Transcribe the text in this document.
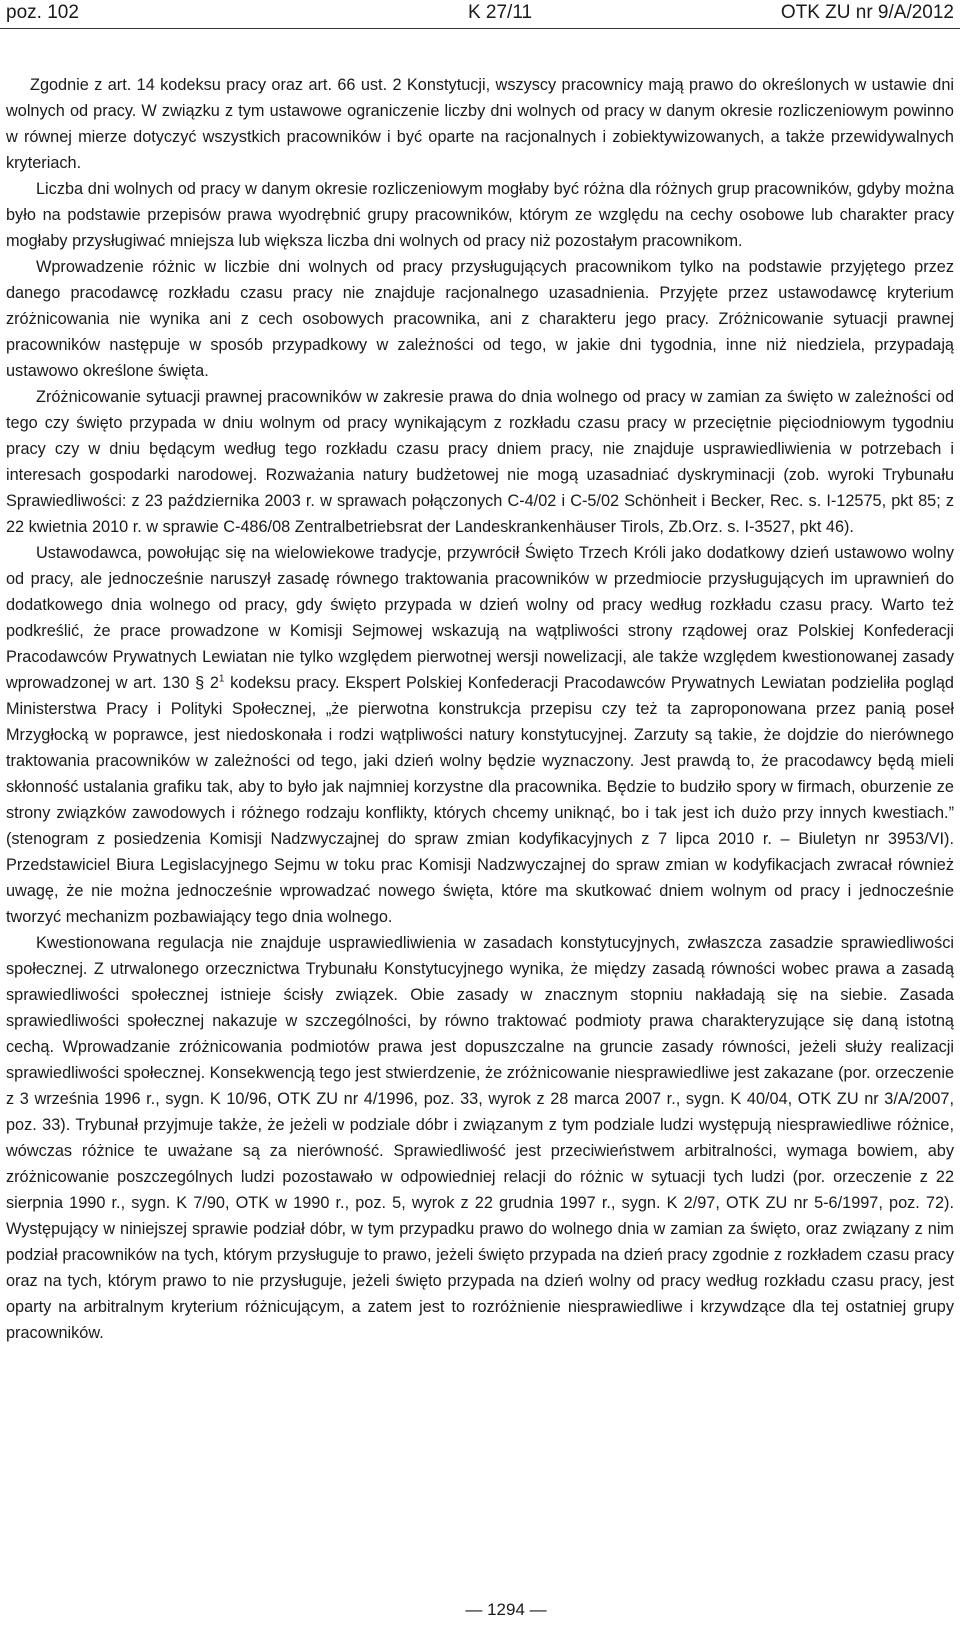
poz. 102	K 27/11	OTK ZU nr 9/A/2012

Zgodnie z art. 14 kodeksu pracy oraz art. 66 ust. 2 Konstytucji, wszyscy pracownicy mają prawo do określonych w ustawie dni wolnych od pracy. W związku z tym ustawowe ograniczenie liczby dni wolnych od pracy w danym okresie rozliczeniowym powinno w równej mierze dotyczyć wszystkich pracowników i być oparte na racjonalnych i zobiektywizowanych, a także przewidywalnych kryteriach.

Liczba dni wolnych od pracy w danym okresie rozliczeniowym mogłaby być różna dla różnych grup pracowników, gdyby można było na podstawie przepisów prawa wyodrębnić grupy pracowników, którym ze względu na cechy osobowe lub charakter pracy mogłaby przysługiwać mniejsza lub większa liczba dni wolnych od pracy niż pozostałym pracownikom.

Wprowadzenie różnic w liczbie dni wolnych od pracy przysługujących pracownikom tylko na podstawie przyjętego przez danego pracodawcę rozkładu czasu pracy nie znajduje racjonalnego uzasadnienia. Przyjęte przez ustawodawcę kryterium zróżnicowania nie wynika ani z cech osobowych pracownika, ani z charakteru jego pracy. Zróżnicowanie sytuacji prawnej pracowników następuje w sposób przypadkowy w zależności od tego, w jakie dni tygodnia, inne niż niedziela, przypadają ustawowo określone święta.

Zróżnicowanie sytuacji prawnej pracowników w zakresie prawa do dnia wolnego od pracy w zamian za święto w zależności od tego czy święto przypada w dniu wolnym od pracy wynikającym z rozkładu czasu pracy w przeciętnie pięciodniowym tygodniu pracy czy w dniu będącym według tego rozkładu czasu pracy dniem pracy, nie znajduje usprawiedliwienia w potrzebach i interesach gospodarki narodowej. Rozważania natury budżetowej nie mogą uzasadniać dyskryminacji (zob. wyroki Trybunału Sprawiedliwości: z 23 października 2003 r. w sprawach połączonych C-4/02 i C-5/02 Schönheit i Becker, Rec. s. I-12575, pkt 85; z 22 kwietnia 2010 r. w sprawie C-486/08 Zentralbetriebsrat der Landeskrankenhäuser Tirols, Zb.Orz. s. I-3527, pkt 46).

Ustawodawca, powołując się na wielowiekowe tradycje, przywrócił Święto Trzech Króli jako dodatkowy dzień ustawowo wolny od pracy, ale jednocześnie naruszył zasadę równego traktowania pracowników w przedmiocie przysługujących im uprawnień do dodatkowego dnia wolnego od pracy, gdy święto przypada w dzień wolny od pracy według rozkładu czasu pracy. Warto też podkreślić, że prace prowadzone w Komisji Sejmowej wskazują na wątpliwości strony rządowej oraz Polskiej Konfederacji Pracodawców Prywatnych Lewiatan nie tylko względem pierwotnej wersji nowelizacji, ale także względem kwestionowanej zasady wprowadzonej w art. 130 § $2^1$ kodeksu pracy. Ekspert Polskiej Konfederacji Pracodawców Prywatnych Lewiatan podzieliła pogląd Ministerstwa Pracy i Polityki Społecznej, „że pierwotna konstrukcja przepisu czy też ta zaproponowana przez panią poseł Mrzygłocką w poprawce, jest niedoskonała i rodzi wątpliwości natury konstytucyjnej. Zarzuty są takie, że dojdzie do nierównego traktowania pracowników w zależności od tego, jaki dzień wolny będzie wyznaczony. Jest prawdą to, że pracodawcy będą mieli skłonność ustalania grafiku tak, aby to było jak najmniej korzystne dla pracownika. Będzie to budziło spory w firmach, oburzenie ze strony związków zawodowych i różnego rodzaju konflikty, których chcemy uniknąć, bo i tak jest ich dużo przy innych kwestiach.” (stenogram z posiedzenia Komisji Nadzwyczajnej do spraw zmian kodyfikacyjnych z 7 lipca 2010 r. – Biuletyn nr 3953/VI). Przedstawiciel Biura Legislacyjnego Sejmu w toku prac Komisji Nadzwyczajnej do spraw zmian w kodyfikacjach zwracał również uwagę, że nie można jednocześnie wprowadzać nowego święta, które ma skutkować dniem wolnym od pracy i jednocześnie tworzyć mechanizm pozbawiający tego dnia wolnego.

Kwestionowana regulacja nie znajduje usprawiedliwienia w zasadach konstytucyjnych, zwłaszcza zasadzie sprawiedliwości społecznej. Z utrwalonego orzecznictwa Trybunału Konstytucyjnego wynika, że między zasadą równości wobec prawa a zasadą sprawiedliwości społecznej istnieje ścisły związek. Obie zasady w znacznym stopniu nakładają się na siebie. Zasada sprawiedliwości społecznej nakazuje w szczególności, by równo traktować podmioty prawa charakteryzujące się daną istotną cechą. Wprowadzanie zróżnicowania podmiotów prawa jest dopuszczalne na gruncie zasady równości, jeżeli służy realizacji sprawiedliwości społecznej. Konsekwencją tego jest stwierdzenie, że zróżnicowanie niesprawiedliwe jest zakazane (por. orzeczenie z 3 września 1996 r., sygn. K 10/96, OTK ZU nr 4/1996, poz. 33, wyrok z 28 marca 2007 r., sygn. K 40/04, OTK ZU nr 3/A/2007, poz. 33). Trybunał przyjmuje także, że jeżeli w podziale dóbr i związanym z tym podziale ludzi występują niesprawiedliwe różnice, wówczas różnice te uważane są za nierówność. Sprawiedliwość jest przeciwieństwem arbitralności, wymaga bowiem, aby zróżnicowanie poszczególnych ludzi pozostawało w odpowiedniej relacji do różnic w sytuacji tych ludzi (por. orzeczenie z 22 sierpnia 1990 r., sygn. K 7/90, OTK w 1990 r., poz. 5, wyrok z 22 grudnia 1997 r., sygn. K 2/97, OTK ZU nr 5-6/1997, poz. 72). Występujący w niniejszej sprawie podział dóbr, w tym przypadku prawo do wolnego dnia w zamian za święto, oraz związany z nim podział pracowników na tych, którym przysługuje to prawo, jeżeli święto przypada na dzień pracy zgodnie z rozkładem czasu pracy oraz na tych, którym prawo to nie przysługuje, jeżeli święto przypada na dzień wolny od pracy według rozkładu czasu pracy, jest oparty na arbitralnym kryterium różnicującym, a zatem jest to rozróżnienie niesprawiedliwe i krzywdzące dla tej ostatniej grupy pracowników.

— 1294 —
